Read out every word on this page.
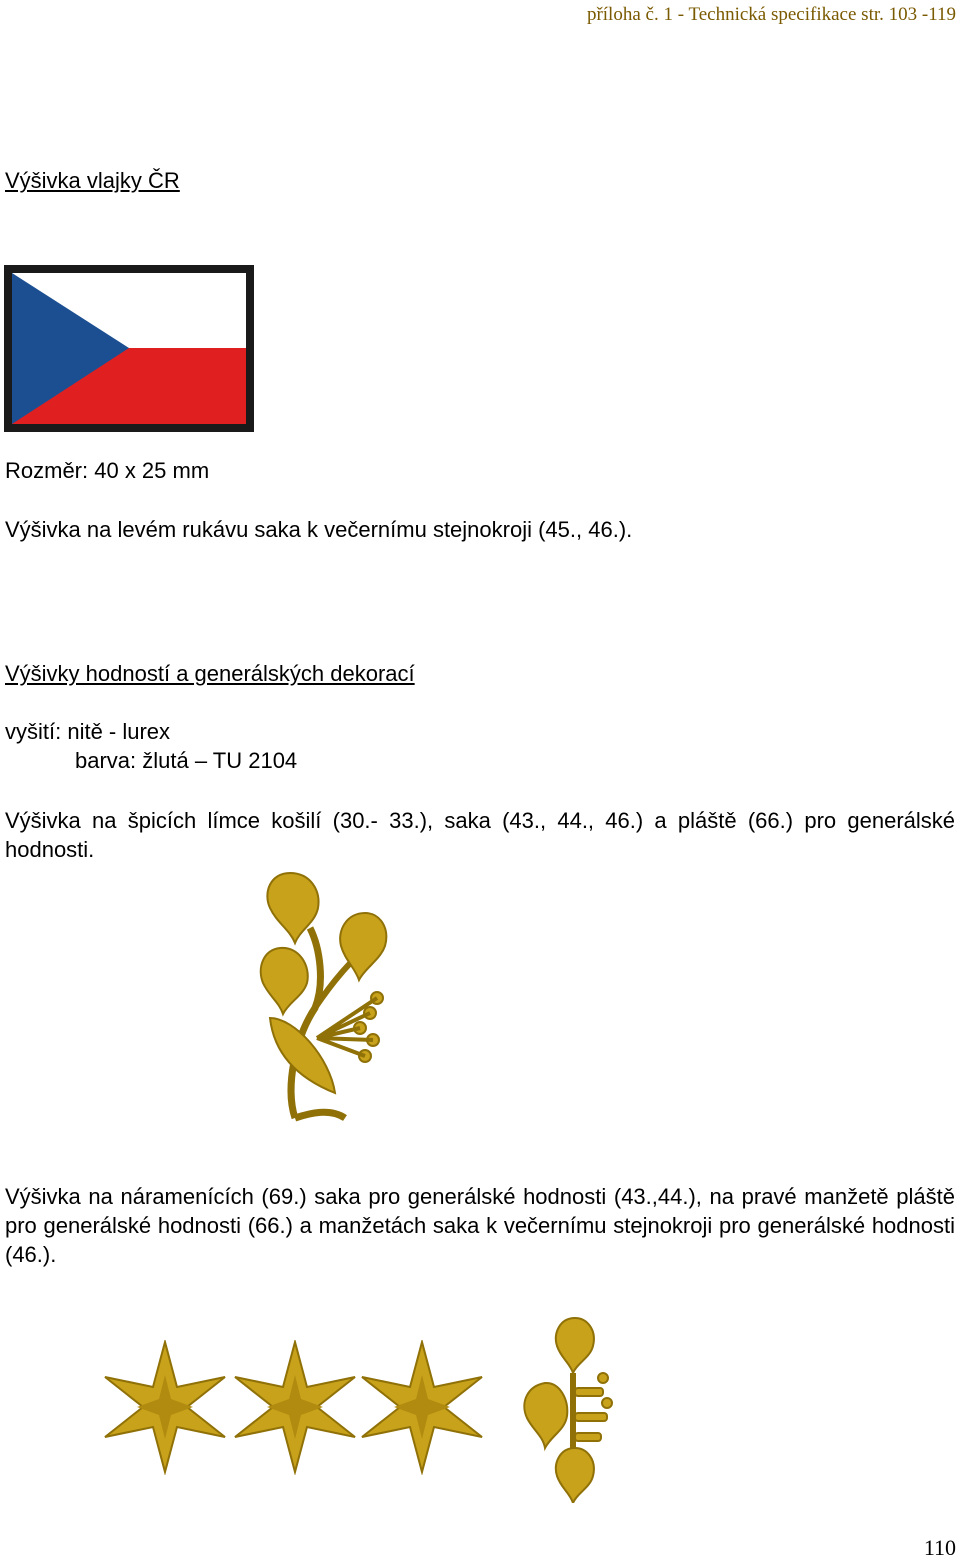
příloha č. 1 - Technická specifikace str. 103 -119
Výšivka vlajky ČR
Rozměr: 40 x 25 mm
Výšivka na levém rukávu saka k večernímu stejnokroji (45., 46.).
Výšivky hodností a generálských dekorací
vyšití: nitě - lurex
barva: žlutá – TU 2104
Výšivka na špicích límce košilí (30.- 33.), saka (43., 44., 46.) a pláště (66.) pro generálské hodnosti.
Výšivka na náramenících (69.) saka pro generálské hodnosti (43.,44.), na pravé manžetě pláště pro generálské hodnosti (66.) a manžetách saka k večernímu stejnokroji pro generálské hodnosti (46.).
110
